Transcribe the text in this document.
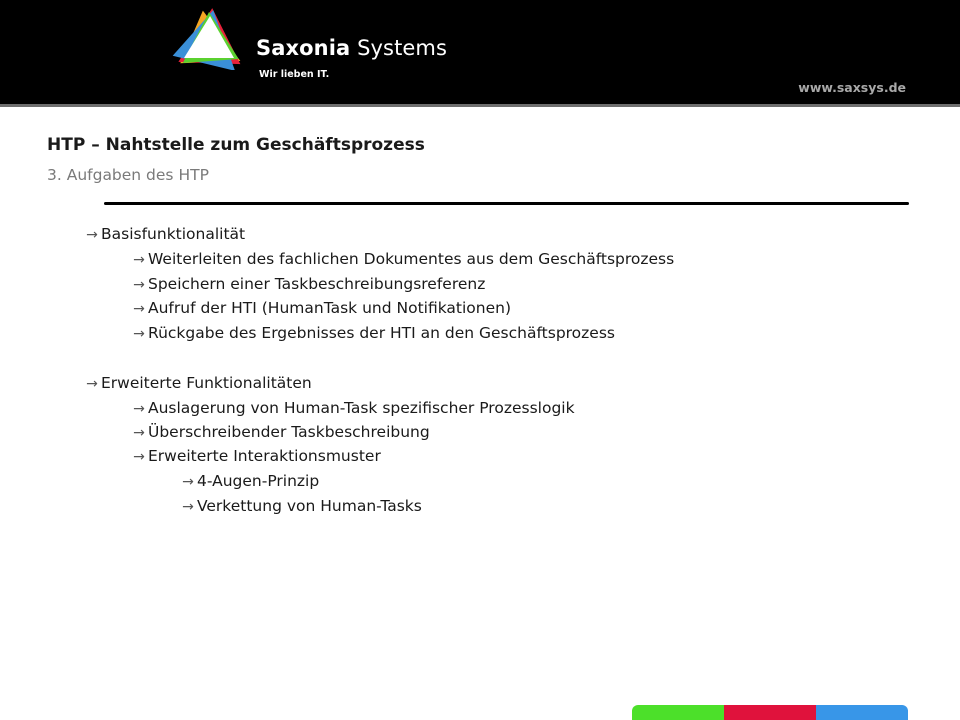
Saxonia Systems
Wir lieben IT.
www.saxsys.de
HTP – Nahtstelle zum Geschäftsprozess
3. Aufgaben des HTP
→ Basisfunktionalität
→ Weiterleiten des fachlichen Dokumentes aus dem Geschäftsprozess
→ Speichern einer Taskbeschreibungsreferenz
→ Aufruf der HTI (HumanTask und Notifikationen)
→ Rückgabe des Ergebnisses der HTI an den Geschäftsprozess
→ Erweiterte Funktionalitäten
→ Auslagerung von Human-Task spezifischer Prozesslogik
→ Überschreibender Taskbeschreibung
→ Erweiterte Interaktionsmuster
→ 4-Augen-Prinzip
→ Verkettung von Human-Tasks
